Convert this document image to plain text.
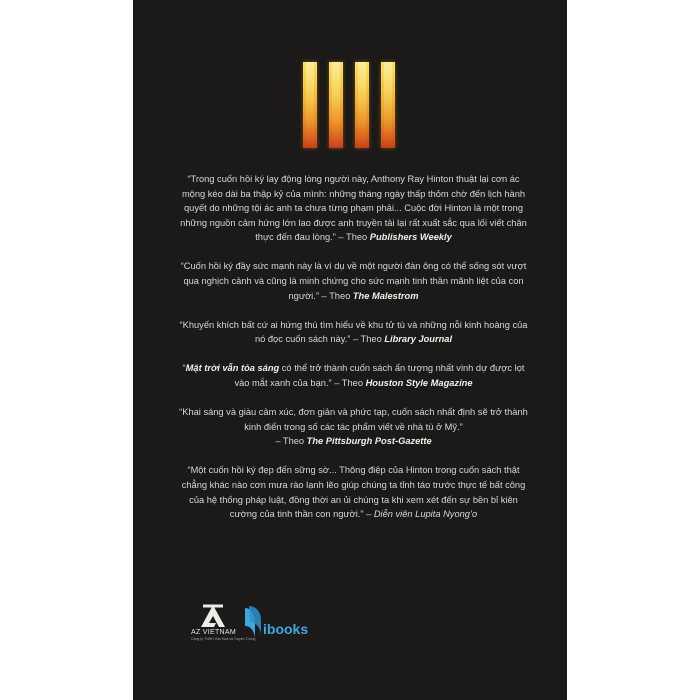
“Trong cuốn hồi ký lay động lòng người này, Anthony Ray Hinton thuật lại cơn ác mộng kéo dài ba thập kỷ của mình: những tháng ngày thấp thỏm chờ đến lịch hành quyết do những tội ác anh ta chưa từng phạm phải... Cuộc đời Hinton là một trong những nguồn cảm hứng lớn lao được anh truyền tải lại rất xuất sắc qua lối viết chân thực đến đau lòng.” – Theo Publishers Weekly

“Cuốn hồi ký đầy sức mạnh này là ví dụ về một người đàn ông có thể sống sót vượt qua nghịch cảnh và cũng là minh chứng cho sức mạnh tinh thần mãnh liệt của con người.” – Theo The Malestrom

“Khuyến khích bất cứ ai hứng thú tìm hiểu về khu tử tù và những nỗi kinh hoàng của nó đọc cuốn sách này.” – Theo Library Journal

“Mặt trời vẫn tỏa sáng có thể trở thành cuốn sách ấn tượng nhất vinh dự được lọt vào mắt xanh của bạn.” – Theo Houston Style Magazine

“Khai sáng và giàu cảm xúc, đơn giản và phức tạp, cuốn sách nhất định sẽ trở thành kinh điển trong số các tác phẩm viết về nhà tù ở Mỹ.”
– Theo The Pittsburgh Post-Gazette

“Một cuốn hồi ký đẹp đến sững sờ... Thông điệp của Hinton trong cuốn sách thật chẳng khác nào cơn mưa rào lạnh lẽo giúp chúng ta tỉnh táo trước thực tế bất công của hệ thống pháp luật, đồng thời an ủi chúng ta khi xem xét đến sự bền bỉ kiên cường của tinh thần con người.” – Diễn viên Lupita Nyong’o

AZ VIETNAM
Công ty TNHH Văn Hoá và Truyền Thông
ibooks
